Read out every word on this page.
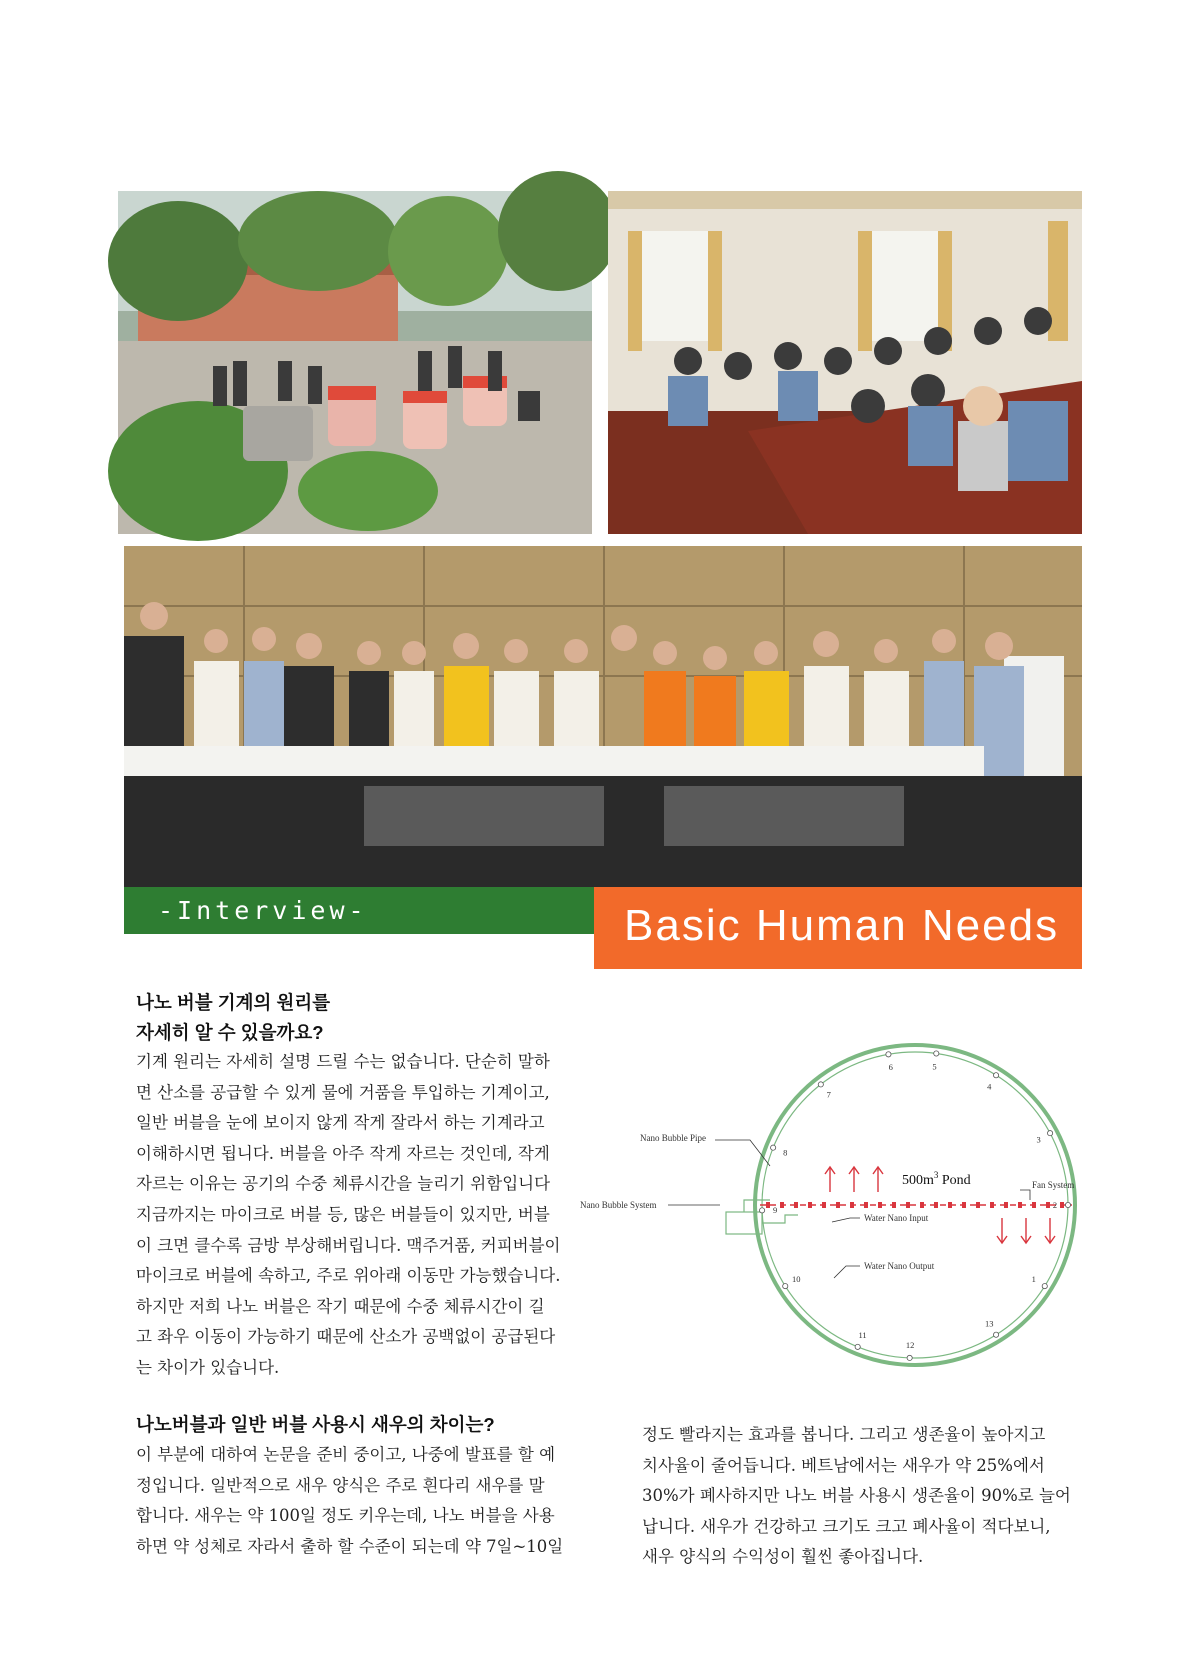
-Interview-	Basic Human Needs
나노 버블 기계의 원리를
자세히 알 수 있을까요?

기계 원리는 자세히 설명 드릴 수는 없습니다. 단순히 말하
면 산소를 공급할 수 있게 물에 거품을 투입하는 기계이고,
일반 버블을 눈에 보이지 않게 작게 잘라서 하는 기계라고
이해하시면 됩니다. 버블을 아주 작게 자르는 것인데, 작게
자르는 이유는 공기의 수중 체류시간을 늘리기 위함입니다
지금까지는 마이크로 버블 등, 많은 버블들이 있지만, 버블
이 크면 클수록 금방 부상해버립니다. 맥주거품, 커피버블이
마이크로 버블에 속하고, 주로 위아래 이동만 가능했습니다.
하지만 저희 나노 버블은 작기 때문에 수중 체류시간이 길
고 좌우 이동이 가능하기 때문에 산소가 공백없이 공급된다
는 차이가 있습니다.

나노버블과 일반 버블 사용시 새우의 차이는?

이 부분에 대하여 논문을 준비 중이고, 나중에 발표를 할 예
정입니다. 일반적으로 새우 양식은 주로 흰다리 새우를 말
합니다. 새우는 약 100일 정도 키우는데, 나노 버블을 사용
하면 약 성체로 자라서 출하 할 수준이 되는데 약 7일~10일

정도 빨라지는 효과를 봅니다. 그리고 생존율이 높아지고
치사율이 줄어듭니다. 베트남에서는 새우가 약 25%에서
30%가 폐사하지만 나노 버블 사용시 생존율이 90%로 늘어
납니다. 새우가 건강하고 크기도 크고 폐사율이 적다보니,
새우 양식의 수익성이 훨씬 좋아집니다.

Nano Bubble Pipe
Nano Bubble System
Fan System
Water Nano Input
Water Nano Output
$500m^3$ Pond
1
2
3
4
5
6
7
8
9
10
11
12
13
